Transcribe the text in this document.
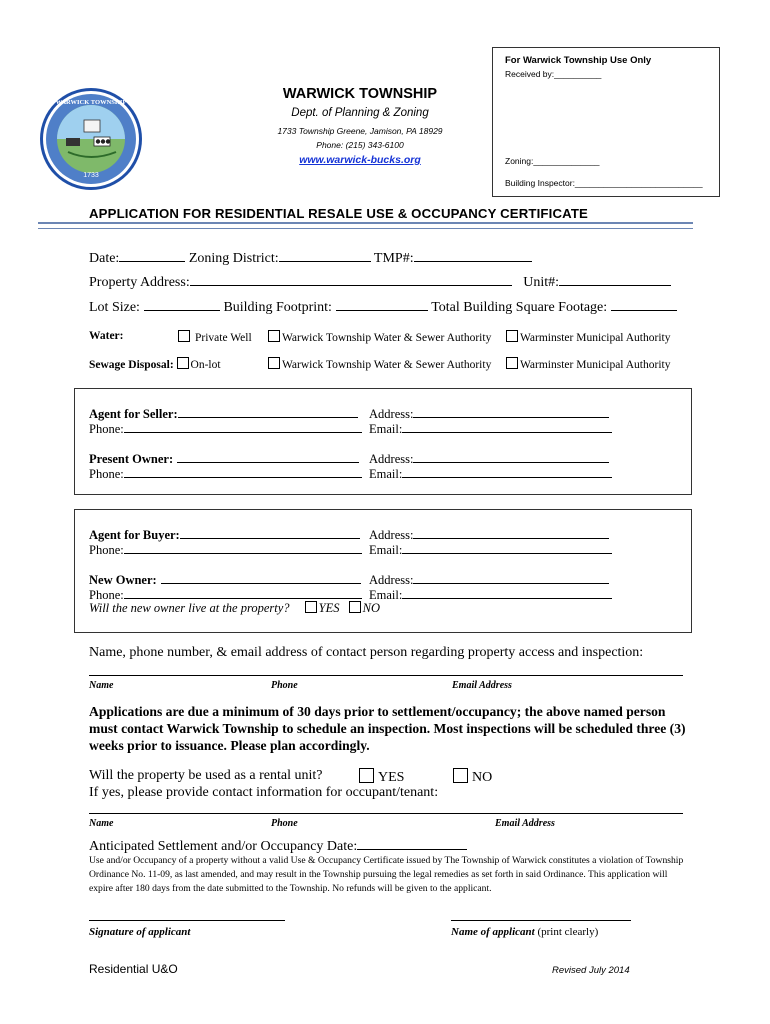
For Warwick Township Use Only
Received by:__________
Zoning:______________
Building Inspector:___________________________
1733
WARWICK TOWNSHIP
WARWICK TOWNSHIP
Dept. of Planning & Zoning
1733 Township Greene, Jamison, PA 18929
Phone: (215) 343-6100
www.warwick-bucks.org
APPLICATION FOR RESIDENTIAL RESALE USE & OCCUPANCY CERTIFICATE
Date:	Zoning District:	TMP#:
Property Address:	Unit#:
Lot Size:	Building Footprint:	Total Building Square Footage:
Water:	Private Well	Warwick Township Water & Sewer Authority	Warminster Municipal Authority
Sewage Disposal: On-lot	Warwick Township Water & Sewer Authority	Warminster Municipal Authority
Agent for Seller:	Address:
Phone:	Email:
Present Owner:	Address:
Phone:	Email:
Agent for Buyer:	Address:
Phone:	Email:
New Owner:	Address:
Phone:	Email:
Will the new owner live at the property? YES NO
Name, phone number, & email address of contact person regarding property access and inspection:
Name	Phone	Email Address
Applications are due a minimum of 30 days prior to settlement/occupancy; the above named person must contact Warwick Township to schedule an inspection. Most inspections will be scheduled three (3) weeks prior to issuance. Please plan accordingly.
Will the property be used as a rental unit?	YES	NO
If yes, please provide contact information for occupant/tenant:
Name	Phone	Email Address
Anticipated Settlement and/or Occupancy Date:
Use and/or Occupancy of a property without a valid Use & Occupancy Certificate issued by The Township of Warwick constitutes a violation of Township Ordinance No. 11-09, as last amended, and may result in the Township pursuing the legal remedies as set forth in said Ordinance. This application will expire after 180 days from the date submitted to the Township. No refunds will be given to the applicant.
Signature of applicant	Name of applicant (print clearly)
Residential U&O	Revised July 2014
